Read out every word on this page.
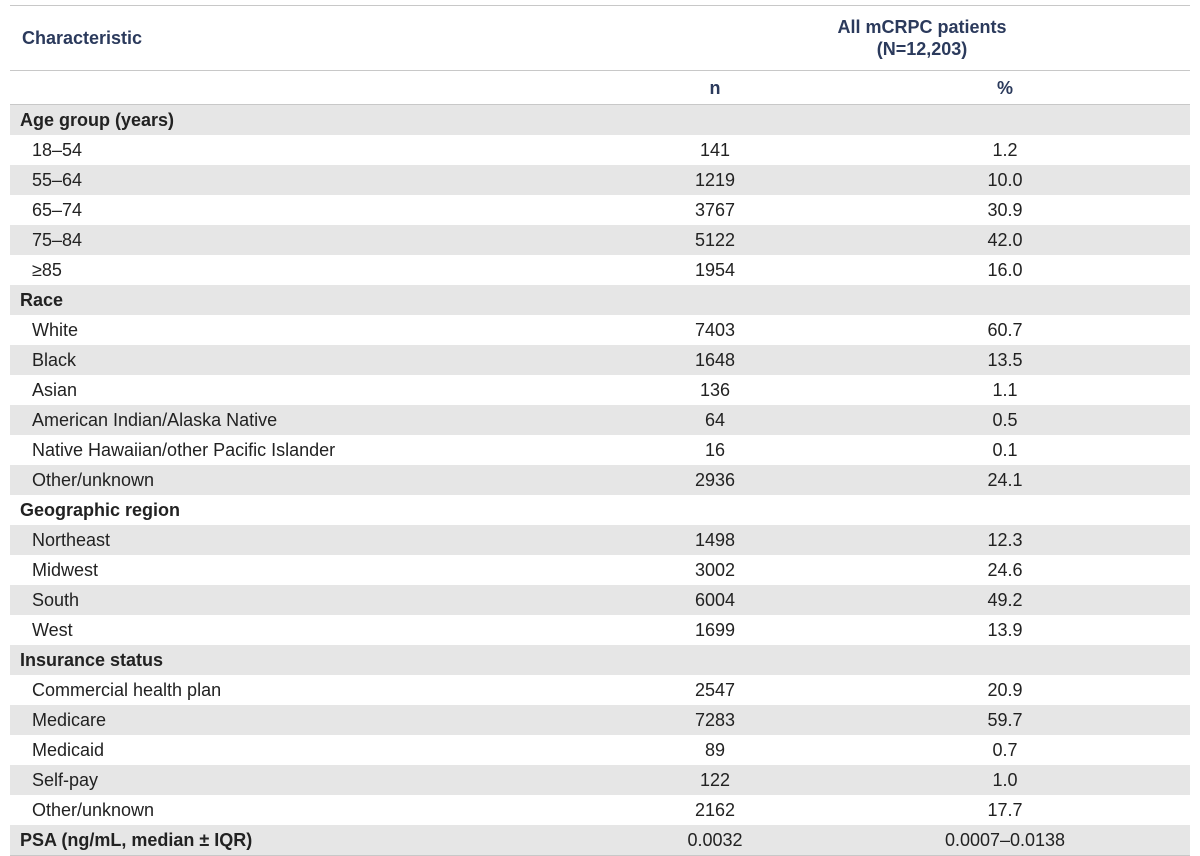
Characteristic	All mCRPC patients
(N=12,203)	

	n	%
Age group (years)		
18–54	141	1.2
55–64	1219	10.0
65–74	3767	30.9
75–84	5122	42.0
≥85	1954	16.0
Race		
White	7403	60.7
Black	1648	13.5
Asian	136	1.1
American Indian/Alaska Native	64	0.5
Native Hawaiian/other Pacific Islander	16	0.1
Other/unknown	2936	24.1
Geographic region		
Northeast	1498	12.3
Midwest	3002	24.6
South	6004	49.2
West	1699	13.9
Insurance status		
Commercial health plan	2547	20.9
Medicare	7283	59.7
Medicaid	89	0.7
Self-pay	122	1.0
Other/unknown	2162	17.7
PSA (ng/mL, median ± IQR)	0.0032	0.0007–0.0138
